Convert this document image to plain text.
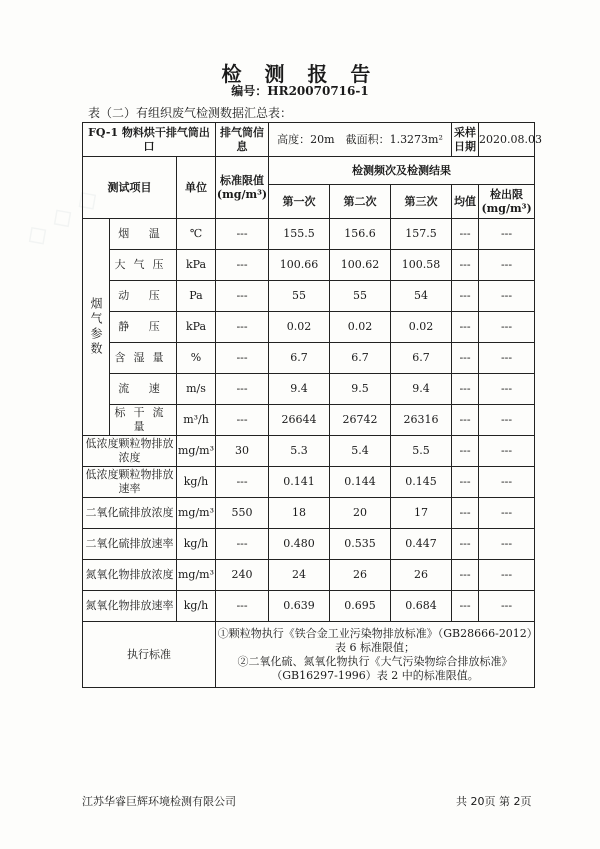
◇ ◇ ◇
检 测 报 告
编号：HR20070716-1
表（二）有组织废气检测数据汇总表：
FQ-1 物料烘干排气筒出口			排气筒信息	高度：20m　截面积：1.3273m²			采样日期	2020.08.03
测试项目		单位	标准限值 (mg/m³)	检测频次及检测结果				
				第一次	第二次	第三次	均值	检出限 (mg/m³)
烟气参数	烟 温	℃	---	155.5	156.6	157.5	---	---
	大气压	kPa	---	100.66	100.62	100.58	---	---
	动 压	Pa	---	55	55	54	---	---
	静 压	kPa	---	0.02	0.02	0.02	---	---
	含湿量	%	---	6.7	6.7	6.7	---	---
	流 速	m/s	---	9.4	9.5	9.4	---	---
	标干流量	m³/h	---	26644	26742	26316	---	---
低浓度颗粒物排放浓度		mg/m³	30	5.3	5.4	5.5	---	---
低浓度颗粒物排放速率		kg/h	---	0.141	0.144	0.145	---	---
二氧化硫排放浓度		mg/m³	550	18	20	17	---	---
二氧化硫排放速率		kg/h	---	0.480	0.535	0.447	---	---
氮氧化物排放浓度		mg/m³	240	24	26	26	---	---
氮氧化物排放速率		kg/h	---	0.639	0.695	0.684	---	---
执行标准			①颗粒物执行《铁合金工业污染物排放标准》（GB28666-2012）表 6 标准限值；
②二氧化硫、氮氧化物执行《大气污染物综合排放标准》（GB16297-1996）表 2 中的标准限值。					
江苏华睿巨辉环境检测有限公司	共 20页 第 2页
